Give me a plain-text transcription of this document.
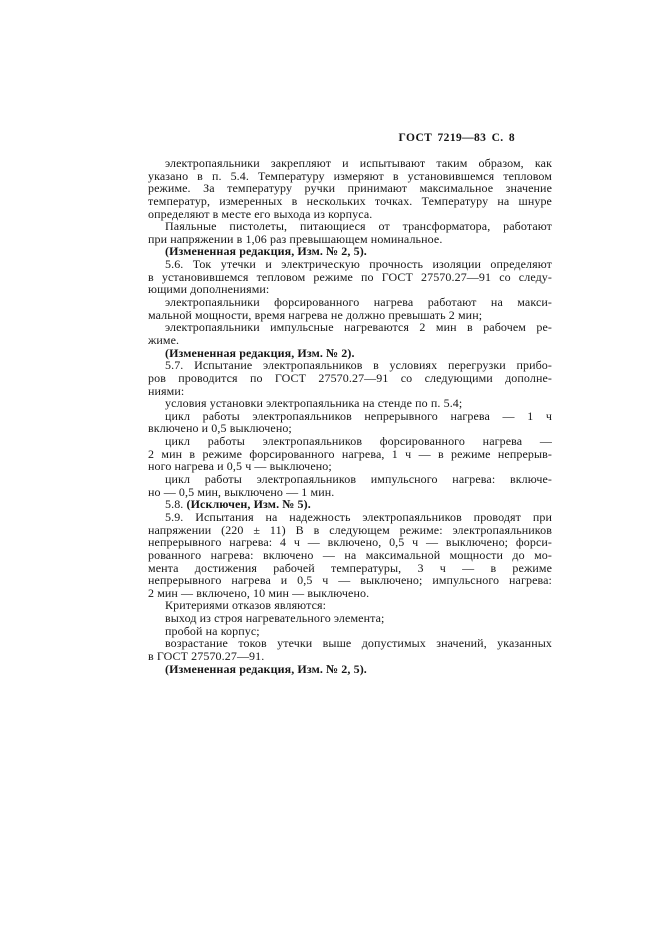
ГОСТ 7219—83 С. 8
электропаяльники закрепляют и испытывают таким образом, как
указано в п. 5.4. Температуру измеряют в установившемся тепловом
режиме. За температуру ручки принимают максимальное значение
температур, измеренных в нескольких точках. Температуру на шнуре
определяют в месте его выхода из корпуса.
Паяльные пистолеты, питающиеся от трансформатора, работают
при напряжении в 1,06 раз превышающем номинальное.
(Измененная редакция, Изм. № 2, 5).
5.6. Ток утечки и электрическую прочность изоляции определяют
в установившемся тепловом режиме по ГОСТ 27570.27—91 со следу-
ющими дополнениями:
электропаяльники форсированного нагрева работают на макси-
мальной мощности, время нагрева не должно превышать 2 мин;
электропаяльники импульсные нагреваются 2 мин в рабочем ре-
жиме.
(Измененная редакция, Изм. № 2).
5.7. Испытание электропаяльников в условиях перегрузки прибо-
ров проводится по ГОСТ 27570.27—91 со следующими дополне-
ниями:
условия установки электропаяльника на стенде по п. 5.4;
цикл работы электропаяльников непрерывного нагрева — 1 ч
включено и 0,5 выключено;
цикл работы электропаяльников форсированного нагрева —
2 мин в режиме форсированного нагрева, 1 ч — в режиме непрерыв-
ного нагрева и 0,5 ч — выключено;
цикл работы электропаяльников импульсного нагрева: включе-
но — 0,5 мин, выключено — 1 мин.
5.8. (Исключен, Изм. № 5).
5.9. Испытания на надежность электропаяльников проводят при
напряжении (220 ± 11) В в следующем режиме: электропаяльников
непрерывного нагрева: 4 ч — включено, 0,5 ч — выключено; форси-
рованного нагрева: включено — на максимальной мощности до мо-
мента достижения рабочей температуры, 3 ч — в режиме
непрерывного нагрева и 0,5 ч — выключено; импульсного нагрева:
2 мин — включено, 10 мин — выключено.
Критериями отказов являются:
выход из строя нагревательного элемента;
пробой на корпус;
возрастание токов утечки выше допустимых значений, указанных
в ГОСТ 27570.27—91.
(Измененная редакция, Изм. № 2, 5).
